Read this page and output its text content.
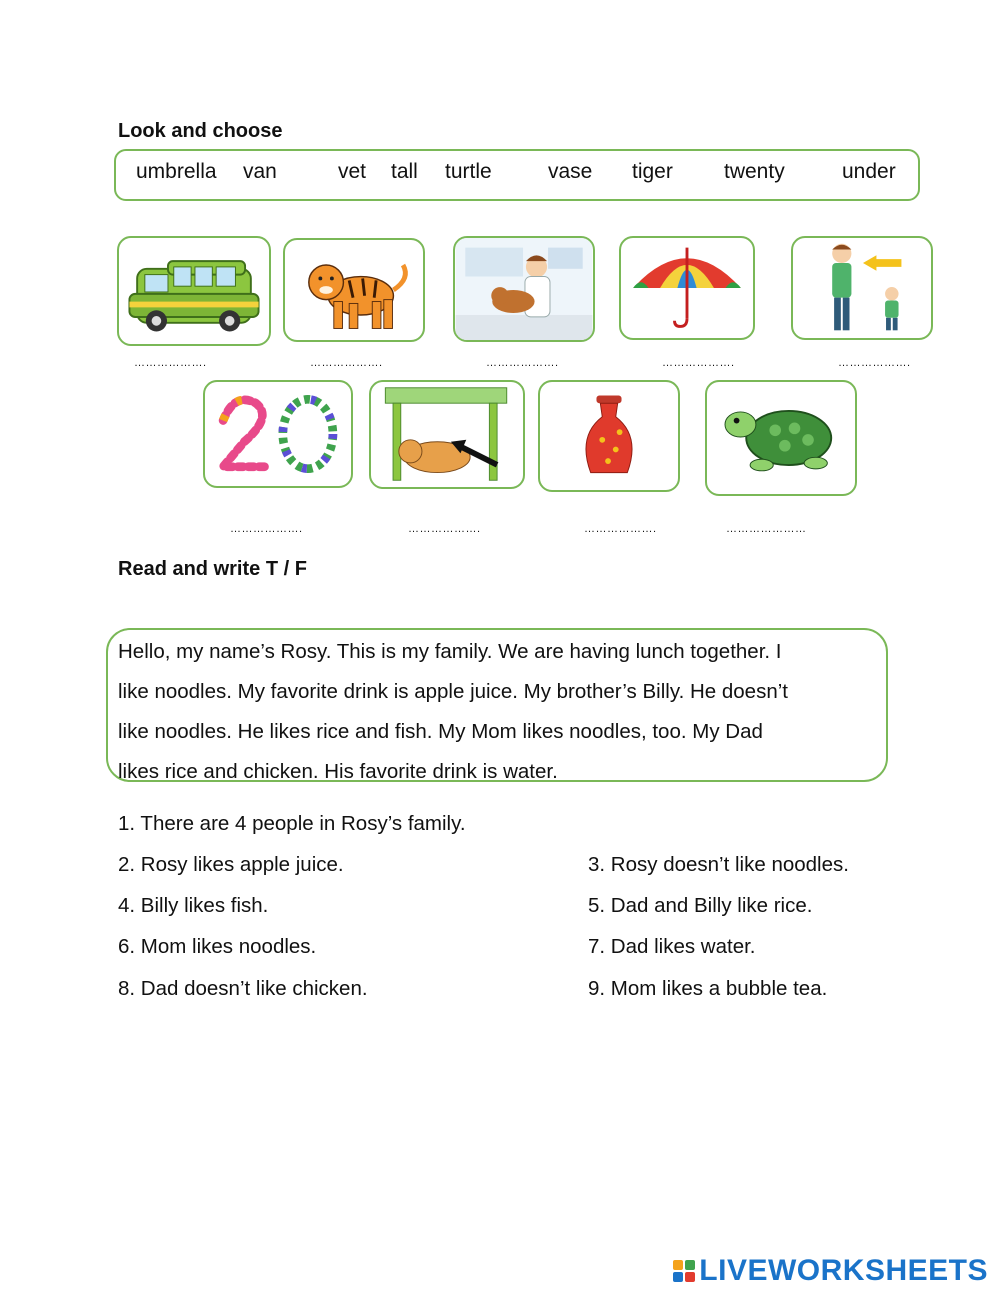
Look and choose
umbrella van	vet tall turtle	vase tiger twenty	under
……………….	……………….	……………….	……………….	……………….
……………….	……………….	……………….	…………………
Read and write T / F
Hello, my name’s Rosy. This is my family. We are having lunch together. I
like noodles. My favorite drink is apple juice. My brother’s Billy. He doesn’t
like noodles. He likes rice and fish. My Mom likes noodles, too. My Dad
likes rice and chicken. His favorite drink is water.
1. There are 4 people in Rosy’s family.
2. Rosy likes apple juice.	3. Rosy doesn’t like noodles.
4. Billy likes fish.	5. Dad and Billy like rice.
6. Mom likes noodles.	7. Dad likes water.
8. Dad doesn’t like chicken.	9. Mom likes a bubble tea.
LIVEWORKSHEETS
